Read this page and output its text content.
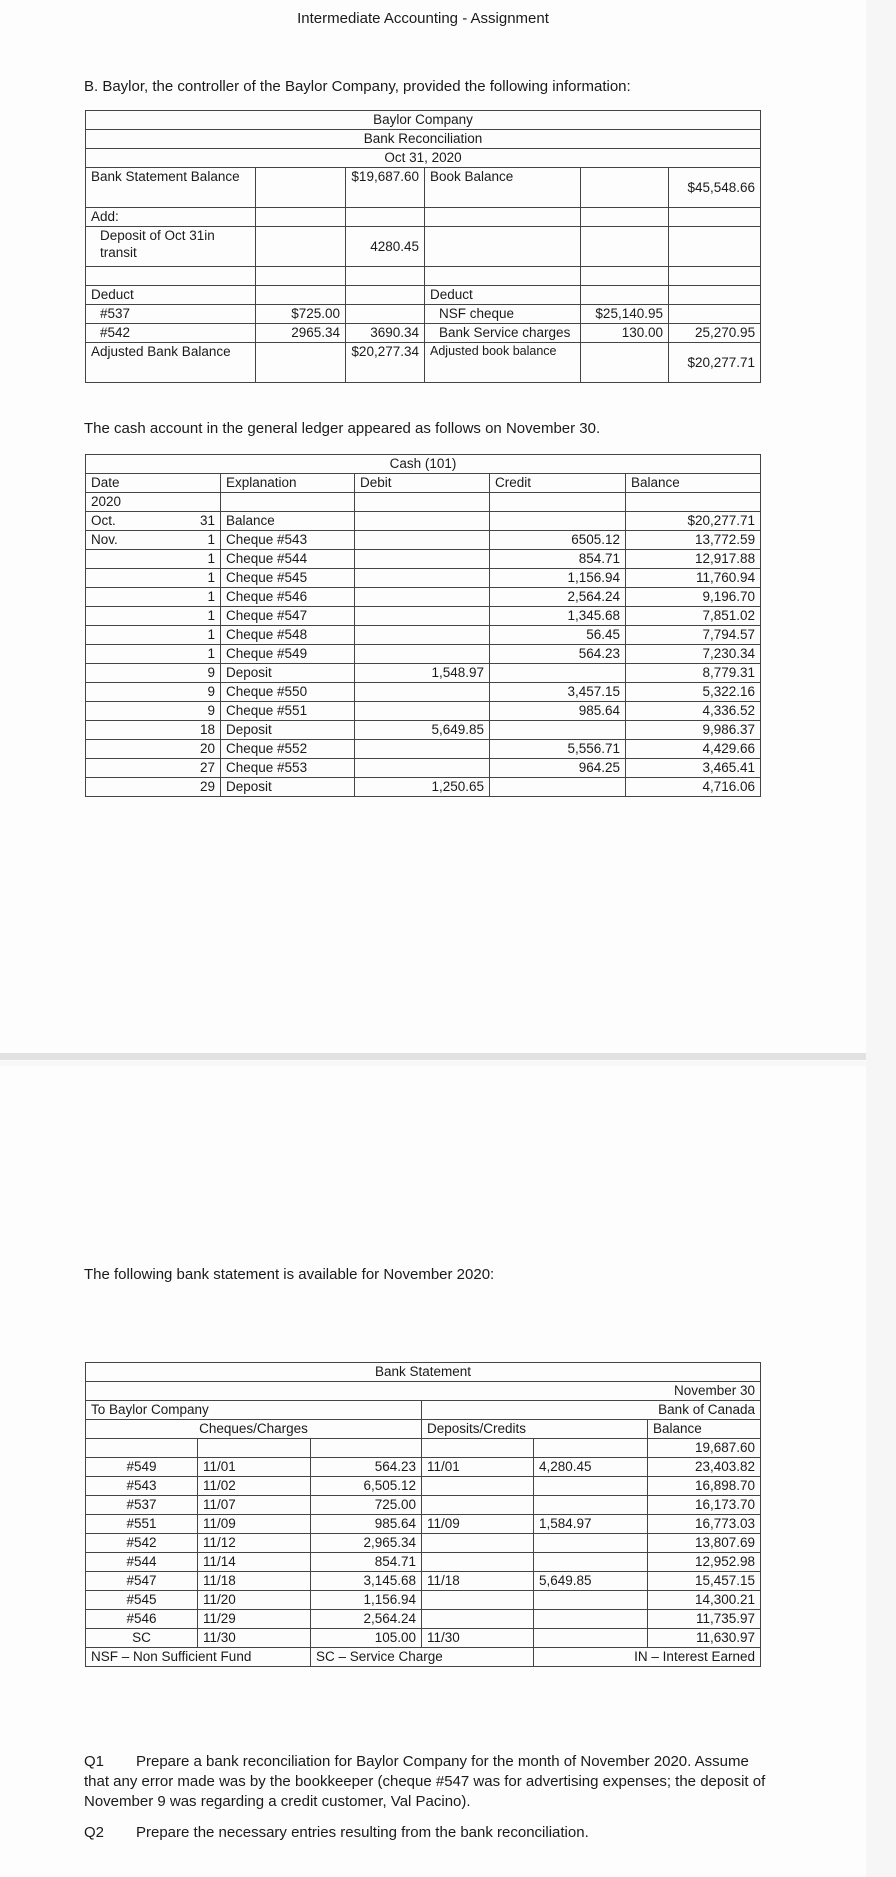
Intermediate Accounting - Assignment
B. Baylor, the controller of the Baylor Company, provided the following information:
Baylor Company					
Bank Reconciliation					
Oct 31, 2020					
Bank Statement Balance		$19,687.60	Book Balance		$45,548.66
Add:					
Deposit of Oct 31in transit		4280.45			

Deduct			Deduct		
#537	$725.00		NSF cheque	$25,140.95	
#542	2965.34	3690.34	Bank Service charges	130.00	25,270.95
Adjusted Bank Balance		$20,277.34	Adjusted book balance		$20,277.71
The cash account in the general ledger appeared as follows on November 30.
Cash (101)					
Date		Explanation	Debit	Credit	Balance
2020					
Oct.	31	Balance			$20,277.71
Nov.	1	Cheque #543		6505.12	13,772.59
	1	Cheque #544		854.71	12,917.88
	1	Cheque #545		1,156.94	11,760.94
	1	Cheque #546		2,564.24	9,196.70
	1	Cheque #547		1,345.68	7,851.02
	1	Cheque #548		56.45	7,794.57
	1	Cheque #549		564.23	7,230.34
	9	Deposit	1,548.97		8,779.31
	9	Cheque #550		3,457.15	5,322.16
	9	Cheque #551		985.64	4,336.52
	18	Deposit	5,649.85		9,986.37
	20	Cheque #552		5,556.71	4,429.66
	27	Cheque #553		964.25	3,465.41
	29	Deposit	1,250.65		4,716.06
The following bank statement is available for November 2020:
Bank Statement					
November 30					
To Baylor Company			Bank of Canada		
Cheques/Charges			Deposits/Credits		Balance
					19,687.60
#549	11/01	564.23	11/01	4,280.45	23,403.82
#543	11/02	6,505.12			16,898.70
#537	11/07	725.00			16,173.70
#551	11/09	985.64	11/09	1,584.97	16,773.03
#542	11/12	2,965.34			13,807.69
#544	11/14	854.71			12,952.98
#547	11/18	3,145.68	11/18	5,649.85	15,457.15
#545	11/20	1,156.94			14,300.21
#546	11/29	2,564.24			11,735.97
SC	11/30	105.00	11/30		11,630.97
NSF – Non Sufficient Fund		SC – Service Charge		IN – Interest Earned	
Q1 Prepare a bank reconciliation for Baylor Company for the month of November 2020. Assume that any error made was by the bookkeeper (cheque #547 was for advertising expenses; the deposit of November 9 was regarding a credit customer, Val Pacino).
Q2 Prepare the necessary entries resulting from the bank reconciliation.
